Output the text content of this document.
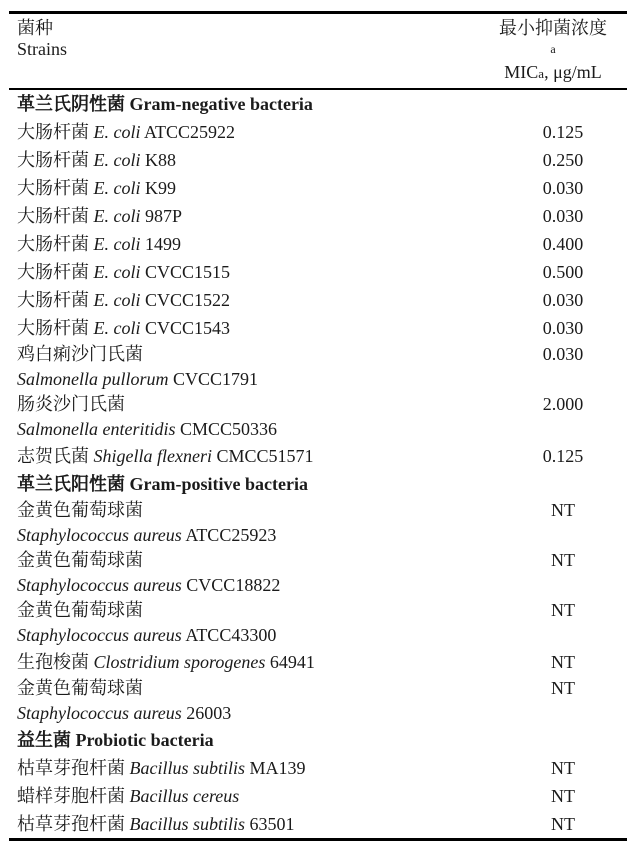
菌种
Strains

最小抑菌浓度 $^a$
MICa, μg/mL

革兰氏阴性菌 Gram-negative bacteria	
大肠杆菌 E. coli ATCC25922	0.125
大肠杆菌 E. coli K88	0.250
大肠杆菌 E. coli K99	0.030
大肠杆菌 E. coli 987P	0.030
大肠杆菌 E. coli 1499	0.400
大肠杆菌 E. coli CVCC1515	0.500
大肠杆菌 E. coli CVCC1522	0.030
大肠杆菌 E. coli CVCC1543	0.030

鸡白痢沙门氏菌
Salmonella pullorum CVCC1791	0.030

肠炎沙门氏菌
Salmonella enteritidis CMCC50336	2.000
志贺氏菌 Shigella flexneri CMCC51571	0.125
革兰氏阳性菌 Gram-positive bacteria	

金黄色葡萄球菌
Staphylococcus aureus ATCC25923	NT

金黄色葡萄球菌
Staphylococcus aureus CVCC18822	NT

金黄色葡萄球菌
Staphylococcus aureus ATCC43300	NT
生孢梭菌 Clostridium sporogenes 64941	NT

金黄色葡萄球菌
Staphylococcus aureus 26003	NT
益生菌 Probiotic bacteria	
枯草芽孢杆菌 Bacillus subtilis MA139	NT
蜡样芽胞杆菌 Bacillus cereus	NT
枯草芽孢杆菌 Bacillus subtilis 63501	NT
